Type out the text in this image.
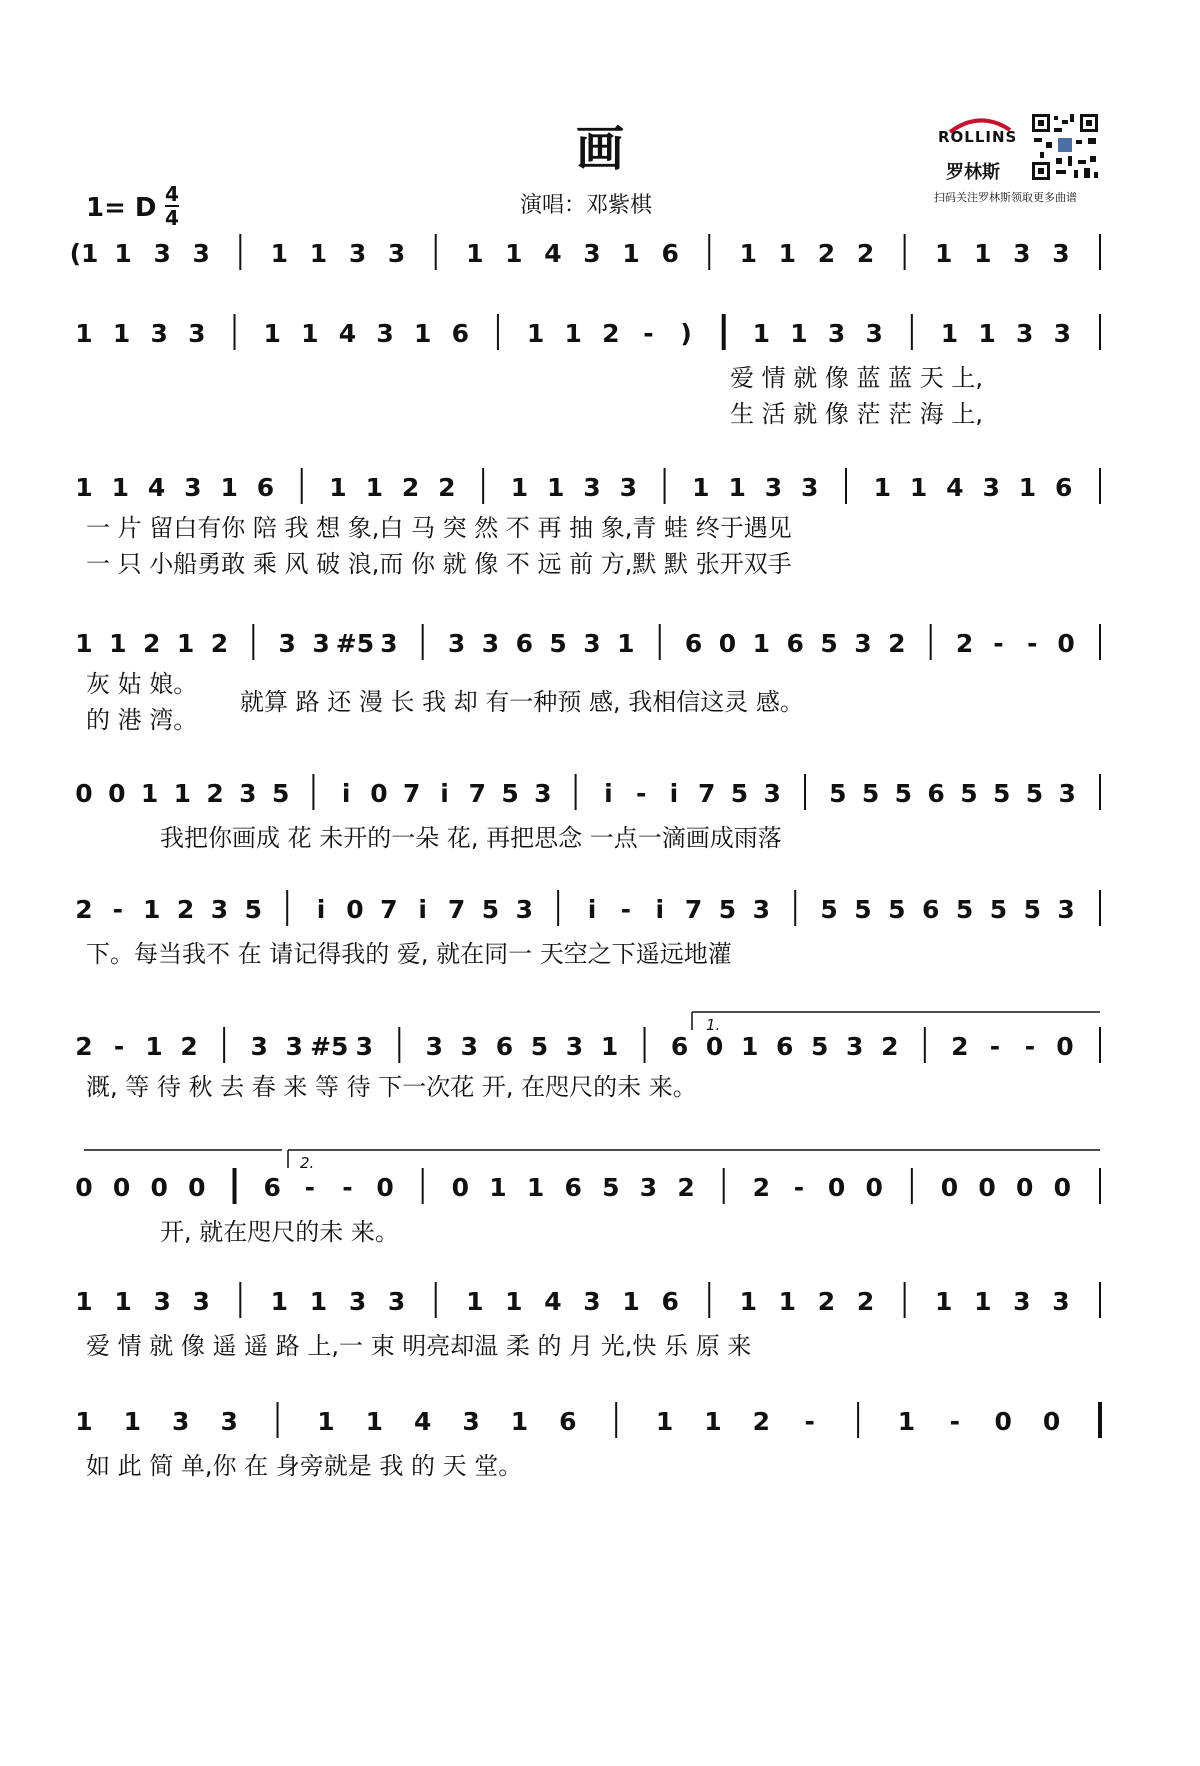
画
演唱：邓紫棋
1= D 4
4
ROLLINS
罗林斯
扫码关注罗林斯领取更多曲谱
(1 1 3 3 1 1 3 3 1 1 4 3 1 6 1 1 2 2 1 1 3 3
1 1 3 3 1 1 4 3 1 6 1 1 2 - ) 1 1 3 3 1 1 3 3
爱 情 就 像 蓝 蓝 天 上,
生 活 就 像 茫 茫 海 上,
1 1 4 3 1 6 1 1 2 2 1 1 3 3 1 1 3 3 1 1 4 3 1 6
一 片 留白有你 陪 我 想 象,白 马 突 然 不 再 抽 象,青 蛙 终于遇见
一 只 小船勇敢 乘 风 破 浪,而 你 就 像 不 远 前 方,默 默 张开双手
1 1 2 1 2 3 3 #5 3 3 3 6 5 3 1 6 0 1 6 5 3 2 2 - - 0
灰 姑 娘。
的 港 湾。
就算 路 还 漫 长 我 却 有一种预 感, 我相信这灵 感。
0 0 1 1 2 3 5 i 0 7 i 7 5 3 i - i 7 5 3 5 5 5 6 5 5 5 3
我把你画成 花 未开的一朵 花, 再把思念 一点一滴画成雨落
2 - 1 2 3 5 i 0 7 i 7 5 3 i - i 7 5 3 5 5 5 6 5 5 5 3
下。每当我不 在 请记得我的 爱, 就在同一 天空之下遥远地灌
2 - 1 2 3 3 #5 3 3 3 6 5 3 1 6 0 1 6 5 3 2 2 - - 0
溉, 等 待 秋 去 春 来 等 待 下一次花 开, 在咫尺的未 来。
0 0 0 0 6 - - 0 0 1 1 6 5 3 2 2 - 0 0 0 0 0 0
开, 就在咫尺的未 来。
1 1 3 3 1 1 3 3 1 1 4 3 1 6 1 1 2 2 1 1 3 3
爱 情 就 像 遥 遥 路 上,一 束 明亮却温 柔 的 月 光,快 乐 原 来
1 1 3 3	1 1 4 3 1 6	1 1 2 -	1 - 0 0
如 此 简 单,你 在 身旁就是 我 的 天 堂。
1.
2.
